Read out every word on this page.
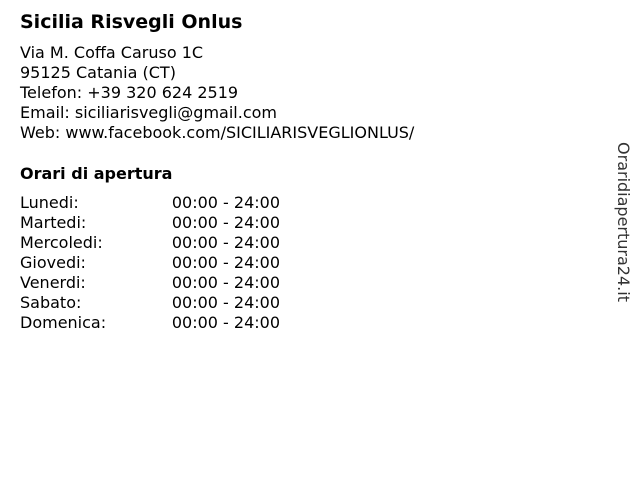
Sicilia Risvegli Onlus
Via M. Coffa Caruso 1C
95125 Catania (CT)
Telefon: +39 320 624 2519
Email: siciliarisvegli@gmail.com
Web: www.facebook.com/SICILIARISVEGLIONLUS/
Orari di apertura
Lunedi:	00:00 - 24:00
Martedi:	00:00 - 24:00
Mercoledi:	00:00 - 24:00
Giovedi:	00:00 - 24:00
Venerdi:	00:00 - 24:00
Sabato:	00:00 - 24:00
Domenica:	00:00 - 24:00
Oraridiapertura24.it
